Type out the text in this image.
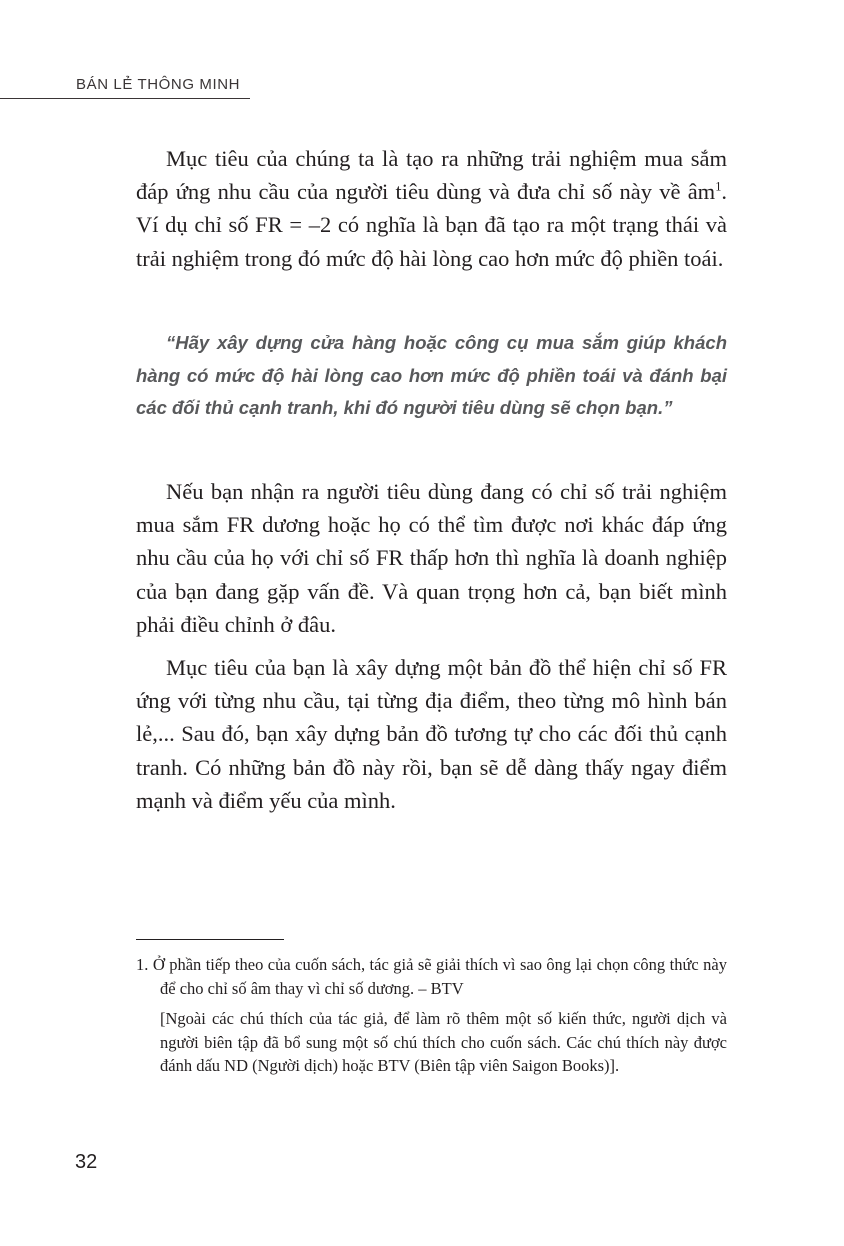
BÁN LẺ THÔNG MINH

Mục tiêu của chúng ta là tạo ra những trải nghiệm mua sắm đáp ứng nhu cầu của người tiêu dùng và đưa chỉ số này về $âm^1$. Ví dụ chỉ số FR = –2 có nghĩa là bạn đã tạo ra một trạng thái và trải nghiệm trong đó mức độ hài lòng cao hơn mức độ phiền toái.

“Hãy xây dựng cửa hàng hoặc công cụ mua sắm giúp khách hàng có mức độ hài lòng cao hơn mức độ phiền toái và đánh bại các đối thủ cạnh tranh, khi đó người tiêu dùng sẽ chọn bạn.”

Nếu bạn nhận ra người tiêu dùng đang có chỉ số trải nghiệm mua sắm FR dương hoặc họ có thể tìm được nơi khác đáp ứng nhu cầu của họ với chỉ số FR thấp hơn thì nghĩa là doanh nghiệp của bạn đang gặp vấn đề. Và quan trọng hơn cả, bạn biết mình phải điều chỉnh ở đâu.

Mục tiêu của bạn là xây dựng một bản đồ thể hiện chỉ số FR ứng với từng nhu cầu, tại từng địa điểm, theo từng mô hình bán lẻ,... Sau đó, bạn xây dựng bản đồ tương tự cho các đối thủ cạnh tranh. Có những bản đồ này rồi, bạn sẽ dễ dàng thấy ngay điểm mạnh và điểm yếu của mình.

1. Ở phần tiếp theo của cuốn sách, tác giả sẽ giải thích vì sao ông lại chọn công thức này để cho chỉ số âm thay vì chỉ số dương. – BTV
[Ngoài các chú thích của tác giả, để làm rõ thêm một số kiến thức, người dịch và người biên tập đã bổ sung một số chú thích cho cuốn sách. Các chú thích này được đánh dấu ND (Người dịch) hoặc BTV (Biên tập viên Saigon Books)].
32
